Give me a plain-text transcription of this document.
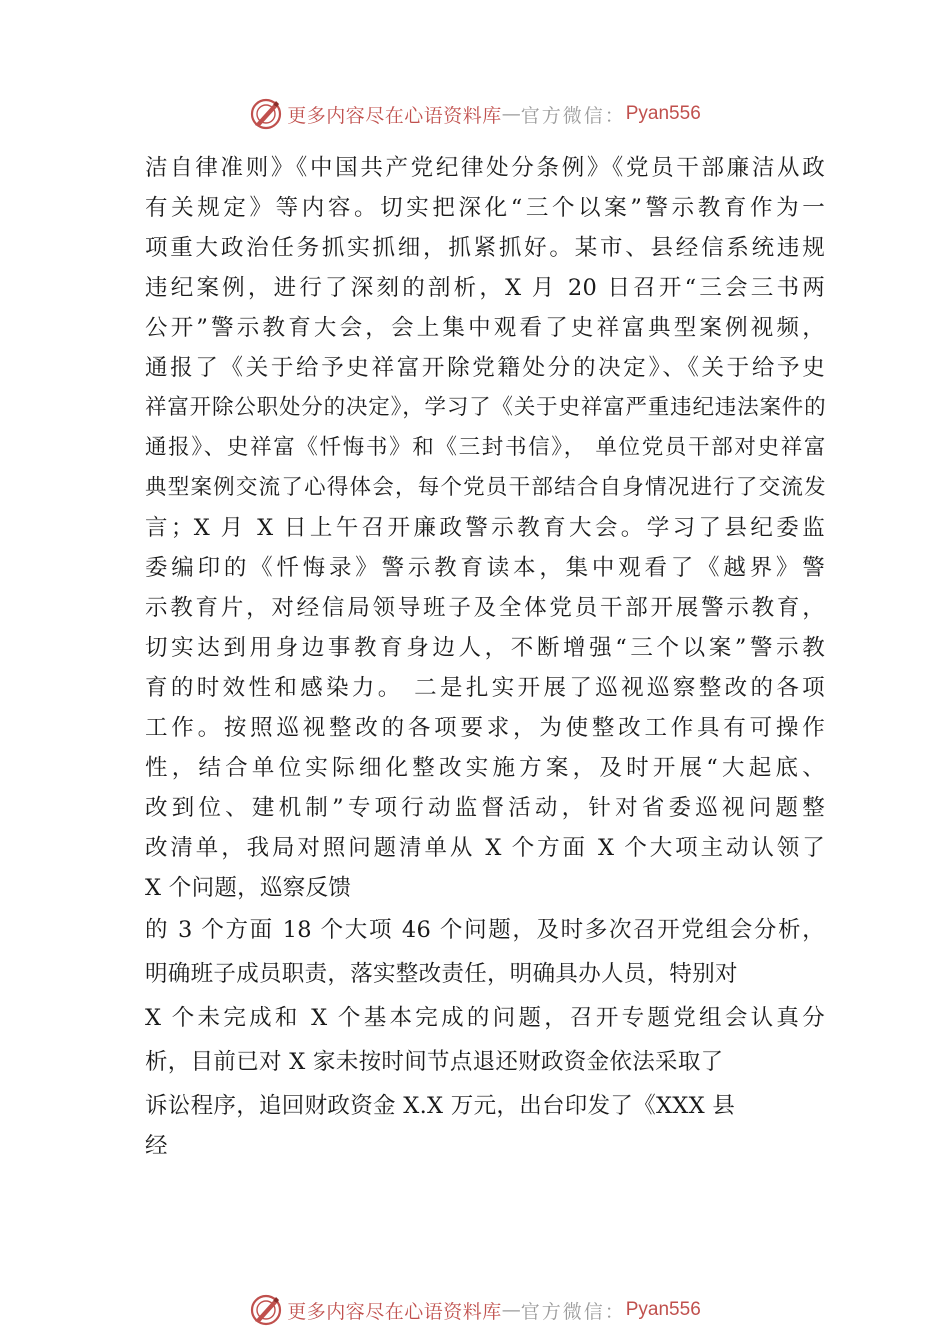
更多内容尽在心语资料库 — 官方微信： Pyan556
洁自律准则》《中国共产党纪律处分条例》《党员干部廉洁从政
有关规定》等内容。切实把深化“三个以案”警示教育作为一
项重大政治任务抓实抓细，抓紧抓好。某市、县经信系统违规
违纪案例，进行了深刻的剖析，X 月 20 日召开“三会三书两
公开”警示教育大会，会上集中观看了史祥富典型案例视频，
通报了《关于给予史祥富开除党籍处分的决定》、《关于给予史
祥富开除公职处分的决定》，学习了《关于史祥富严重违纪违法案件的
通报》、史祥富《忏悔书》和《三封书信》， 单位党员干部对史祥富
典型案例交流了心得体会，每个党员干部结合自身情况进行了交流发
言；X 月 X 日上午召开廉政警示教育大会。学习了县纪委监
委编印的《忏悔录》警示教育读本，集中观看了《越界》警
示教育片，对经信局领导班子及全体党员干部开展警示教育，
切实达到用身边事教育身边人，不断增强“三个以案”警示教
育的时效性和感染力。 二是扎实开展了巡视巡察整改的各项
工作。按照巡视整改的各项要求，为使整改工作具有可操作
性，结合单位实际细化整改实施方案，及时开展“大起底、
改到位、建机制”专项行动监督活动，针对省委巡视问题整
改清单，我局对照问题清单从 X 个方面 X 个大项主动认领了
X 个问题，巡察反馈
的 3 个方面 18 个大项 46 个问题，及时多次召开党组会分析，
明确班子成员职责，落实整改责任，明确具办人员，特别对
X 个未完成和 X 个基本完成的问题，召开专题党组会认真分
析，目前已对 X 家未按时间节点退还财政资金依法采取了
诉讼程序，追回财政资金 X.X 万元，出台印发了《XXX 县
经
更多内容尽在心语资料库 — 官方微信： Pyan556
